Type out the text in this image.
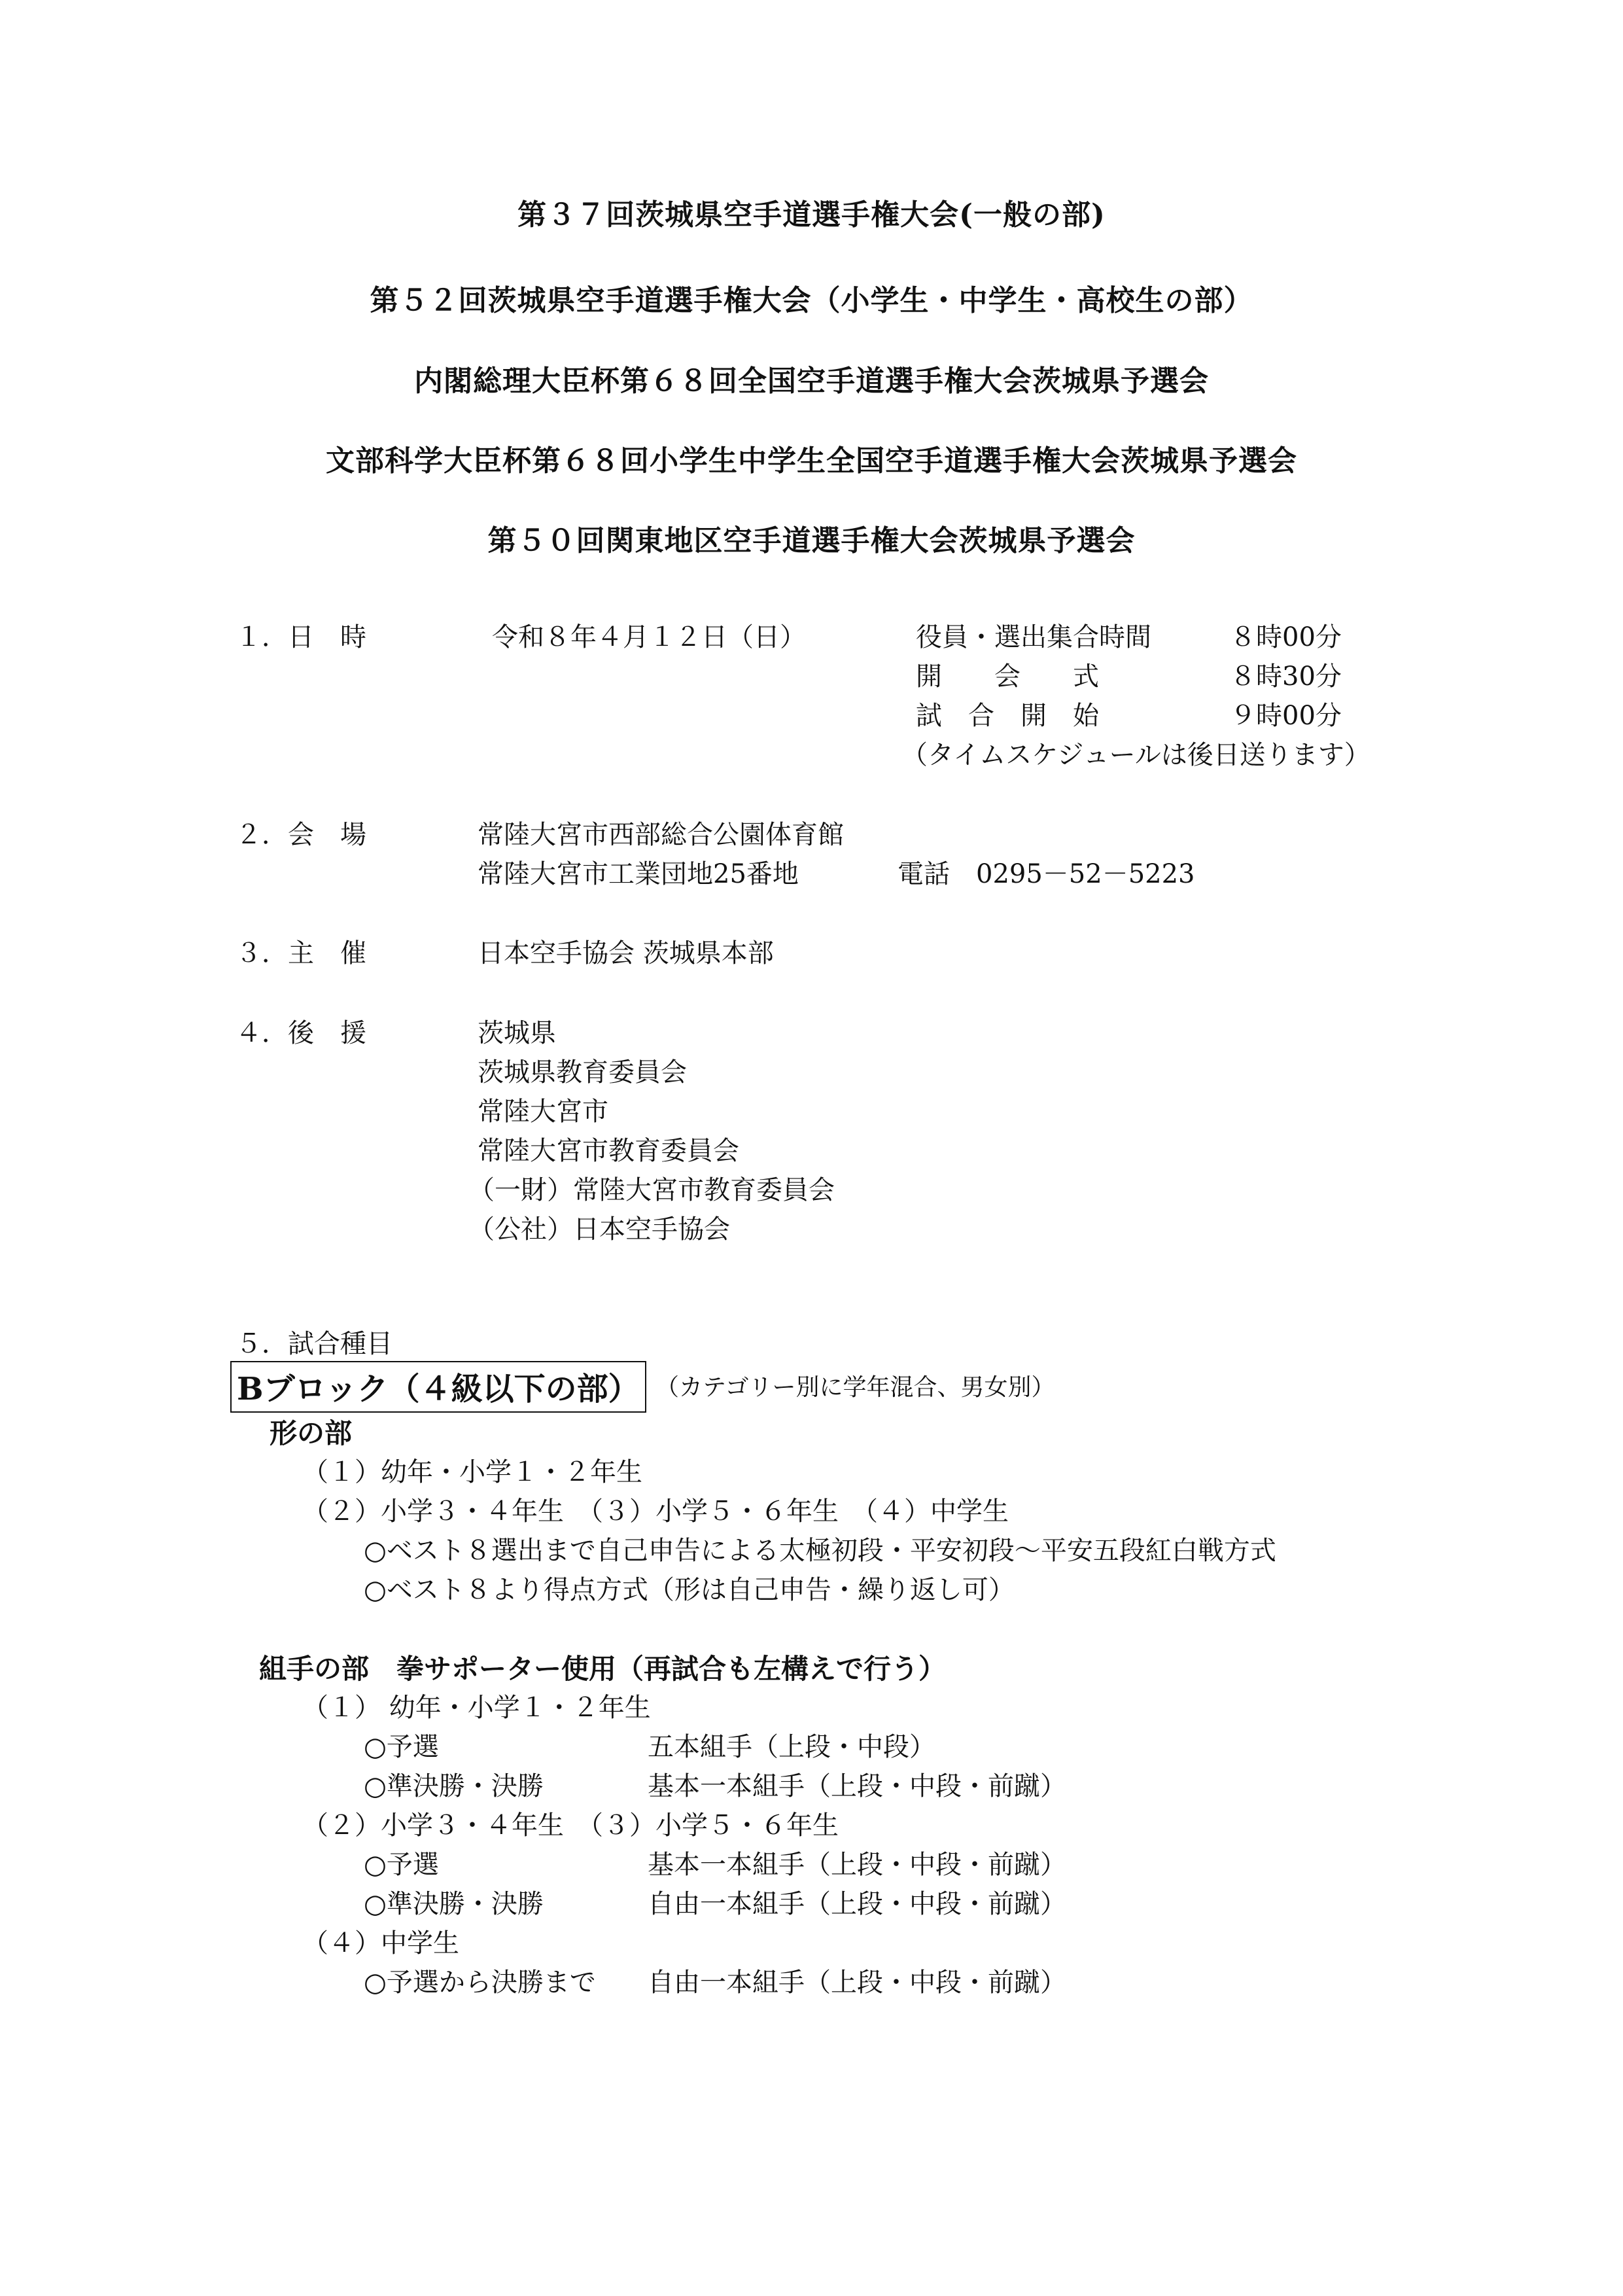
第３７回茨城県空手道選手権大会(一般の部)
第５２回茨城県空手道選手権大会（小学生・中学生・高校生の部）
内閣総理大臣杯第６８回全国空手道選手権大会茨城県予選会
文部科学大臣杯第６８回小学生中学生全国空手道選手権大会茨城県予選会
第５０回関東地区空手道選手権大会茨城県予選会
１．日　時	令和８年４月１２日（日）	役員・選出集合時間	８時00分
開　　会　　式	８時30分
試　合　開　始	９時00分
（タイムスケジュールは後日送ります）
２．会　場	常陸大宮市西部総合公園体育館
常陸大宮市工業団地25番地	電話　0295－52－5223
３．主　催	日本空手協会 茨城県本部
４．後　援	茨城県
茨城県教育委員会
常陸大宮市
常陸大宮市教育委員会
（一財）常陸大宮市教育委員会
（公社）日本空手協会
５．試合種目
Bブロック（４級以下の部） （カテゴリー別に学年混合、男女別）
形の部
（１）幼年・小学１・２年生
（２）小学３・４年生　（３）小学５・６年生　（４）中学生
○ベスト８選出まで自己申告による太極初段・平安初段～平安五段紅白戦方式
○ベスト８より得点方式（形は自己申告・繰り返し可）
組手の部　拳サポーター使用（再試合も左構えで行う）
（１） 幼年・小学１・２年生
○予選	五本組手（上段・中段）
○準決勝・決勝	基本一本組手（上段・中段・前蹴）
（２）小学３・４年生　（３）小学５・６年生
○予選	基本一本組手（上段・中段・前蹴）
○準決勝・決勝	自由一本組手（上段・中段・前蹴）
（４）中学生
○予選から決勝まで 自由一本組手（上段・中段・前蹴）
